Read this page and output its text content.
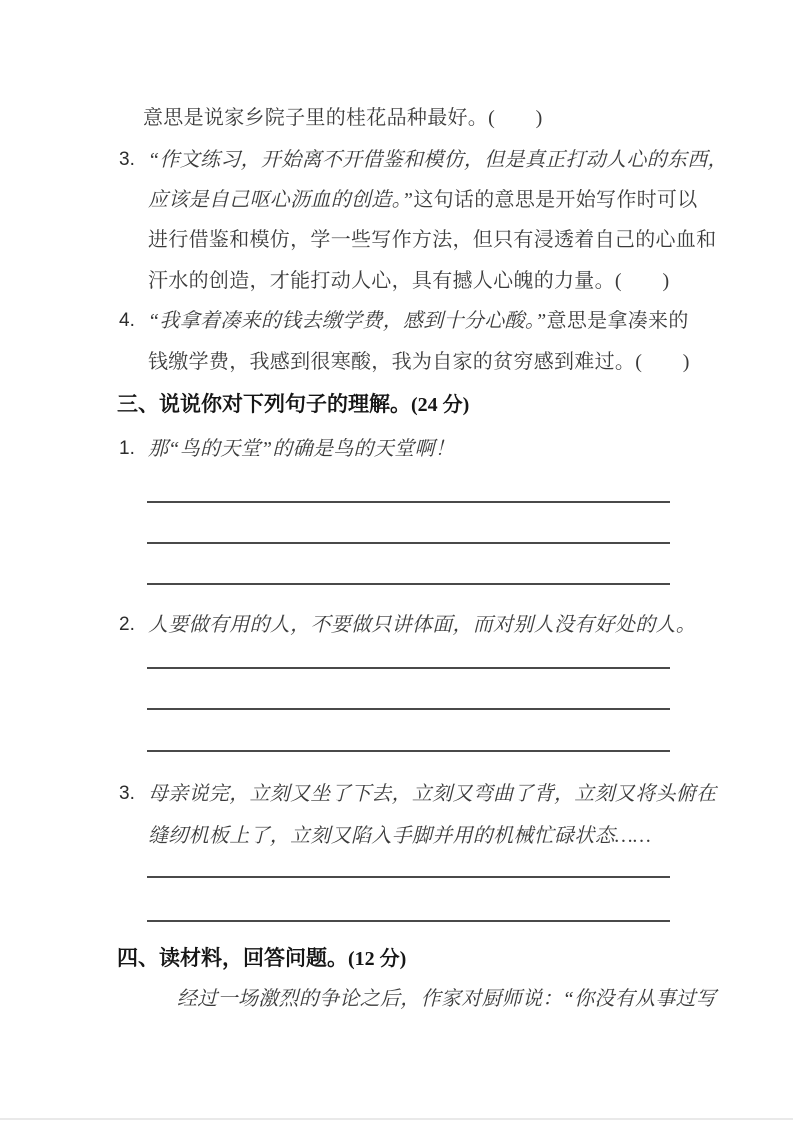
意思是说家乡院子里的桂花品种最好。(　　)
3. “作文练习，开始离不开借鉴和模仿，但是真正打动人心的东西，
应该是自己呕心沥血的创造。”这句话的意思是开始写作时可以
进行借鉴和模仿，学一些写作方法，但只有浸透着自己的心血和
汗水的创造，才能打动人心，具有撼人心魄的力量。(　　)
4. “我拿着凑来的钱去缴学费，感到十分心酸。”意思是拿凑来的
钱缴学费，我感到很寒酸，我为自家的贫穷感到难过。(　　)
三、说说你对下列句子的理解。(24 分)
1. 那“鸟的天堂”的确是鸟的天堂啊！
2. 人要做有用的人，不要做只讲体面，而对别人没有好处的人。
3. 母亲说完，立刻又坐了下去，立刻又弯曲了背，立刻又将头俯在
缝纫机板上了，立刻又陷入手脚并用的机械忙碌状态……
四、读材料，回答问题。(12 分)
经过一场激烈的争论之后，作家对厨师说：“你没有从事过写
